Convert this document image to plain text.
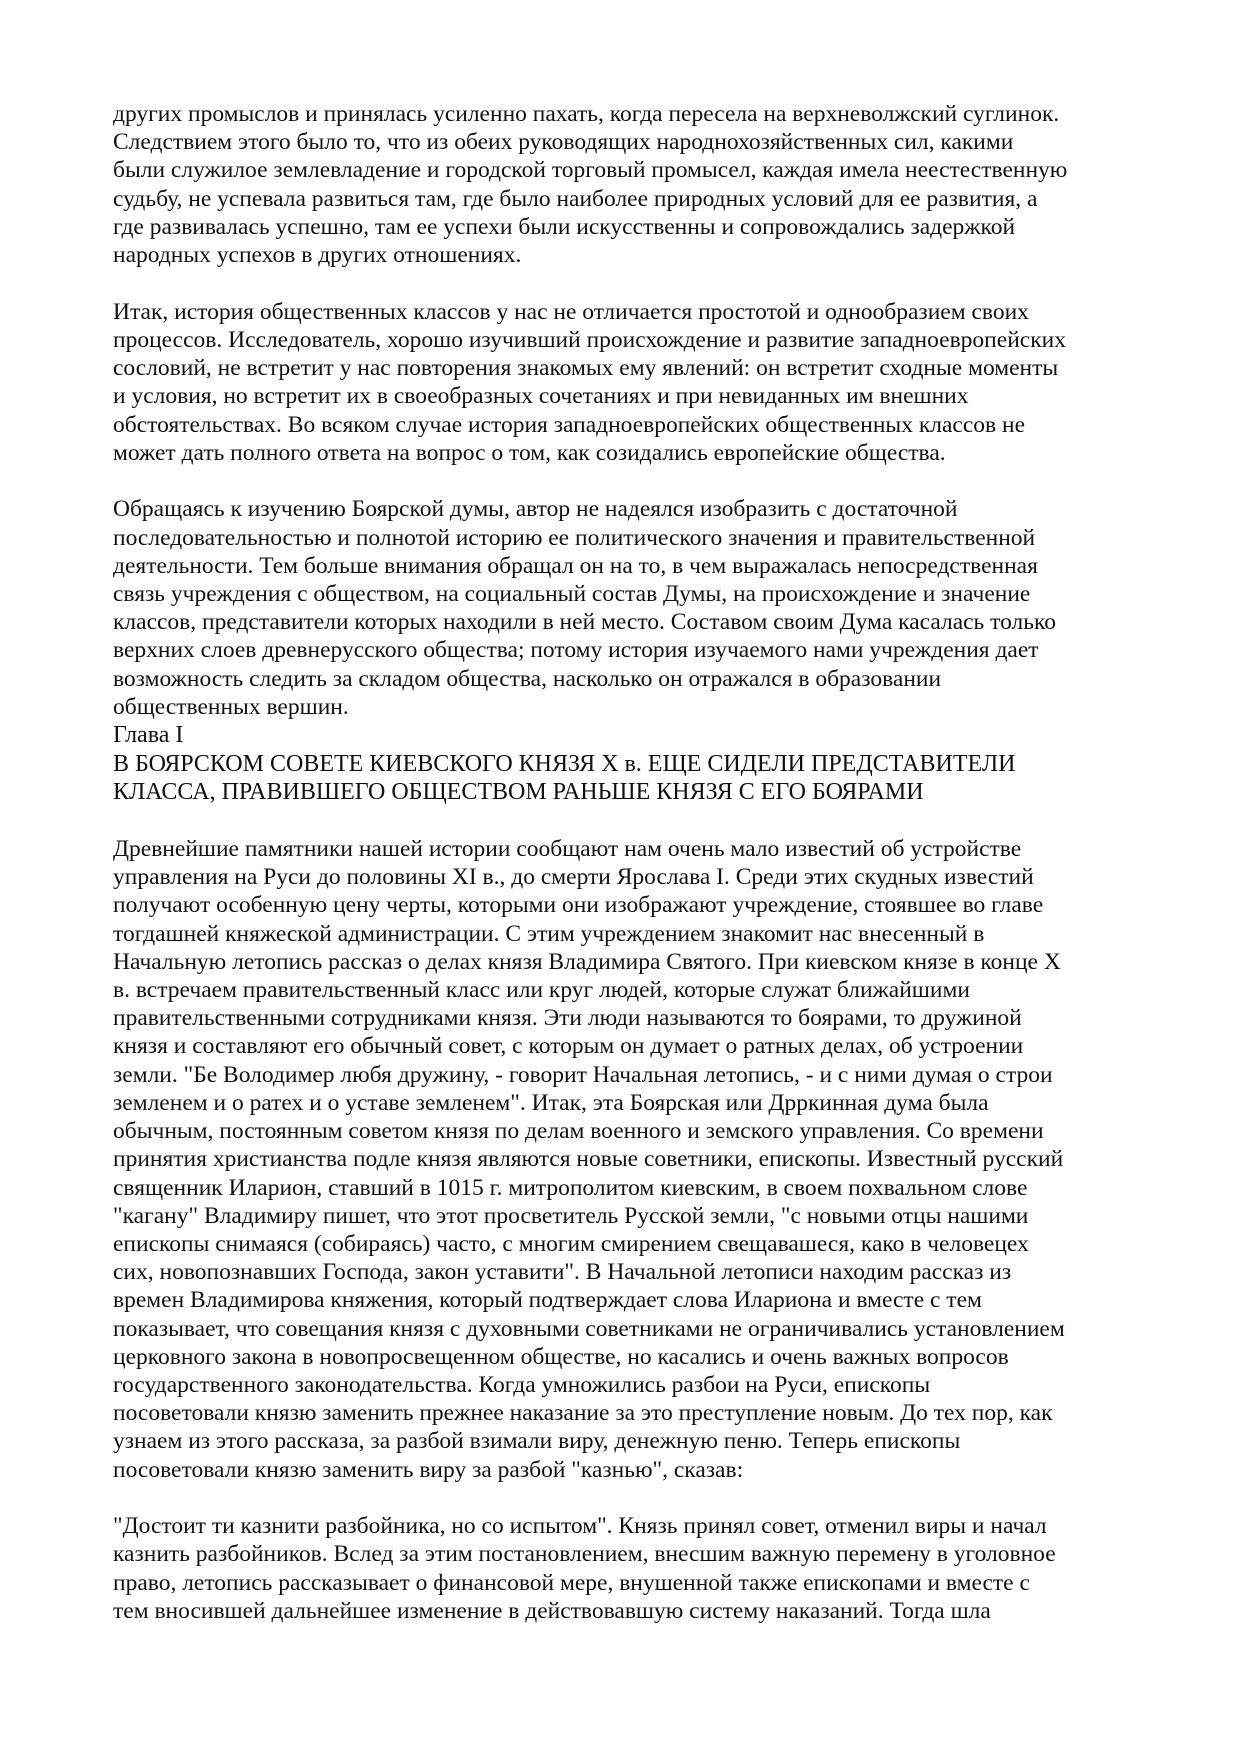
другиx промыслов и принялась усиленно пахать, когда переселa на верхневолжский суглинок.
Следствием этого было то, что из обеиx руководящиx народнохозяйственных сил, какими
были служилое землевладение и городской торговый промысел, каждая имела неестественную
судьбу, не успевала развиться там, где было наиболее природных условий для ее развития, а
где развивалась успешно, там ее успехи были искусственны и сопровождались задержкой
народных успехов в других отношениях.

Итак, история общественных классов у нас не отличается простотой и однообразием своих
процессов. Исследователь, хорошо изучивший происхождение и развитие западноевропейских
сословий, не встретит у нас повторения знакомых ему явлений: он встретит сходные моменты
и условия, но встретит их в своеобразных сочетаниях и при невиданных им внешних
обстоятельствах. Во всяком случае история западноевропейских общественных классов не
может дать полного ответа на вопрос о том, как созидались европейские общества.

Обращаясь к изучению Боярской думы, автор не надеялся изобразить с достаточной
последовательностью и полнотой историю ее политического значения и правительственной
деятельности. Тем больше внимания обращал он на то, в чем выражалась непосредственная
связь учреждения с обществом, на социальный состав Думы, на происхождение и значение
классов, представители которых находили в ней место. Составом своим Дума касалась только
верхних слоев древнерусского общества; потому история изучаемого нами учреждения дает
возможность следить за складом общества, насколько он отражался в образовании
общественных вершин.

Глава I

В БОЯРСКОМ СОВЕТЕ КИЕВСКОГО КНЯЗЯ X в. ЕЩЕ СИДЕЛИ ПРЕДСТАВИТЕЛИ
КЛАССА, ПРАВИВШЕГО ОБЩЕСТВОМ РАНЬШЕ КНЯЗЯ С ЕГО БОЯРАМИ

Древнейшие памятники нашей истории сообщают нам очень мало известий об устройстве
управления на Руси до половины XI в., до смерти Ярослава I. Среди этих скудных известий
получают особенную цену черты, которыми они изображают учреждение, стоявшее во главе
тогдашней княжеской администрации. С этим учреждением знакомит нас внесенный в
Начальную летопись рассказ о делах князя Владимира Святого. При киевском князе в конце X
в. встречаем правительственный класс или круг людей, которые служат ближайшими
правительственными сотрудниками князя. Эти люди называются то боярами, то дружиной
князя и составляют его обычный совет, с которым он думает о ратных делах, об устроении
земли. "Бе Володимер любя дружину, - говорит Начальная летопись, - и с ними думая о строи
земленем и о ратех и о уставе земленем". Итак, эта Боярская или Дрркинная дума была
обычным, постоянным советом князя по делам военного и земского управления. Со времени
принятия христианства подле князя являются новые советники, епископы. Известный русский
священник Иларион, ставший в 1015 г. митрополитом киевским, в своем похвальном слове
"кагану" Владимиру пишет, что этот просветитель Русской земли, "с новыми отцы нашими
епископы снимаяся (собираясь) часто, с многим смирением свещавашеся, како в человецех
сих, новопознавших Господа, закон уставити". В Начальной летописи находим рассказ из
времен Владимирова княжения, который подтверждает слова Илариона и вместе с тем
показывает, что совещания князя с духовными советниками не ограничивались установлением
церковного закона в новопросвещенном обществе, но касались и очень важных вопросов
государственного законодательства. Когда умножились разбои на Руси, епископы
посоветовали князю заменить прежнее наказание за это преступление новым. До тех пор, как
узнаем из этого рассказа, за разбой взимали виру, денежную пеню. Теперь епископы
посоветовали князю заменить виру за разбой "казнью", сказав:

"Достоит ти казнити разбойника, но со испытом". Князь принял совет, отменил виры и начал
казнить разбойников. Вслед за этим постановлением, внесшим важную перемену в уголовное
право, летопись рассказывает о финансовой мере, внушенной также епископами и вместе с
тем вносившей дальнейшее изменение в действовавшую систему наказаний. Тогда шла
